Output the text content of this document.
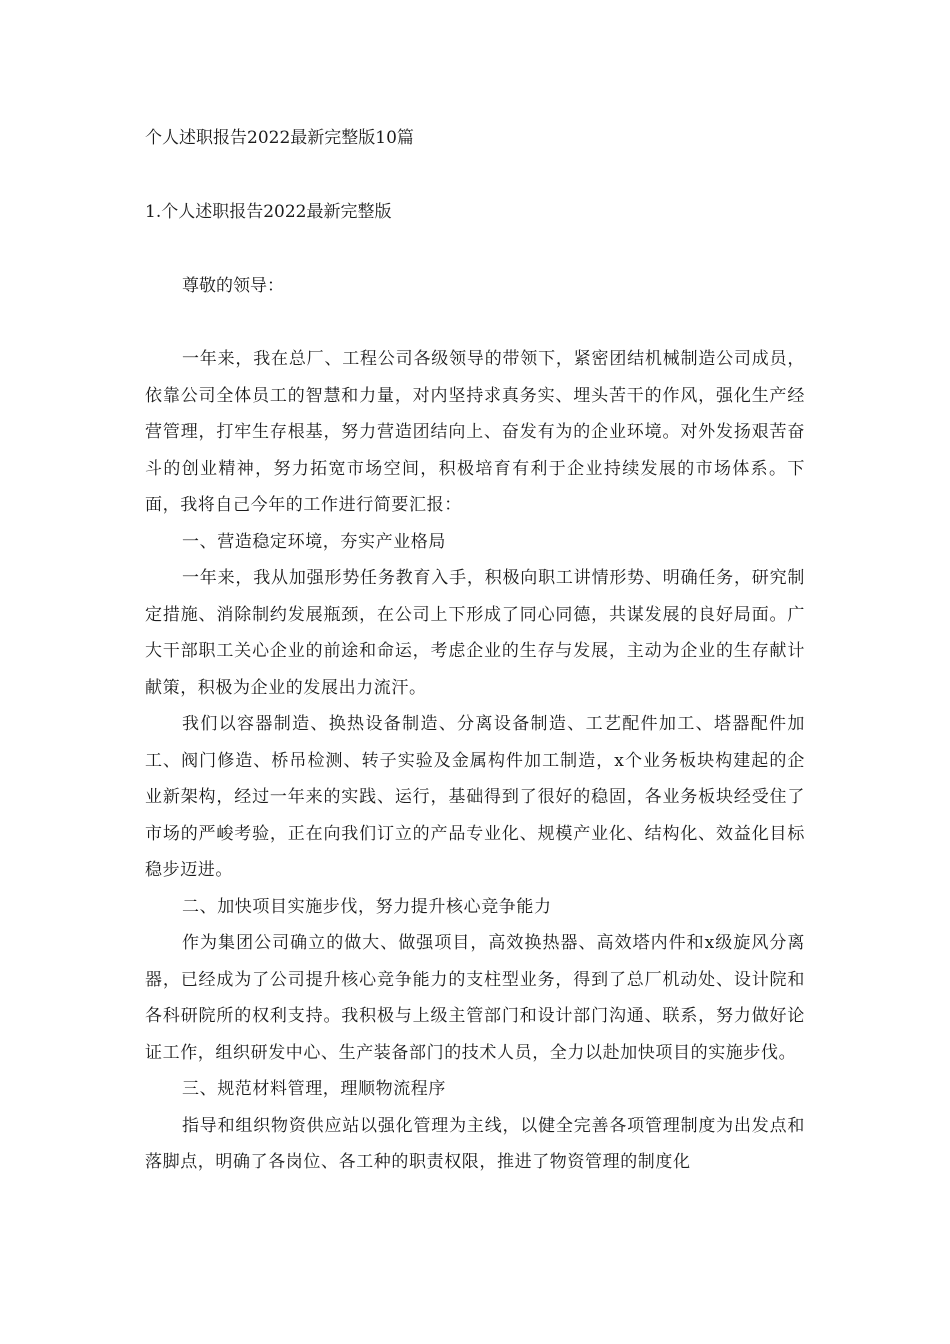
个人述职报告2022最新完整版10篇
1.个人述职报告2022最新完整版
尊敬的领导：

一年来，我在总厂、工程公司各级领导的带领下，紧密团结机械制造公司成员，依靠公司全体员工的智慧和力量，对内坚持求真务实、埋头苦干的作风，强化生产经营管理，打牢生存根基，努力营造团结向上、奋发有为的企业环境。对外发扬艰苦奋斗的创业精神，努力拓宽市场空间，积极培育有利于企业持续发展的市场体系。下面，我将自己今年的工作进行简要汇报：

一、营造稳定环境，夯实产业格局

一年来，我从加强形势任务教育入手，积极向职工讲情形势、明确任务，研究制定措施、消除制约发展瓶颈，在公司上下形成了同心同德，共谋发展的良好局面。广大干部职工关心企业的前途和命运，考虑企业的生存与发展，主动为企业的生存献计献策，积极为企业的发展出力流汗。

我们以容器制造、换热设备制造、分离设备制造、工艺配件加工、塔器配件加工、阀门修造、桥吊检测、转子实验及金属构件加工制造，x个业务板块构建起的企业新架构，经过一年来的实践、运行，基础得到了很好的稳固，各业务板块经受住了市场的严峻考验，正在向我们订立的产品专业化、规模产业化、结构化、效益化目标稳步迈进。

二、加快项目实施步伐，努力提升核心竞争能力

作为集团公司确立的做大、做强项目，高效换热器、高效塔内件和x级旋风分离器，已经成为了公司提升核心竞争能力的支柱型业务，得到了总厂机动处、设计院和各科研院所的权利支持。我积极与上级主管部门和设计部门沟通、联系，努力做好论证工作，组织研发中心、生产装备部门的技术人员，全力以赴加快项目的实施步伐。

三、规范材料管理，理顺物流程序

指导和组织物资供应站以强化管理为主线，以健全完善各项管理制度为出发点和落脚点，明确了各岗位、各工种的职责权限，推进了物资管理的制度化
